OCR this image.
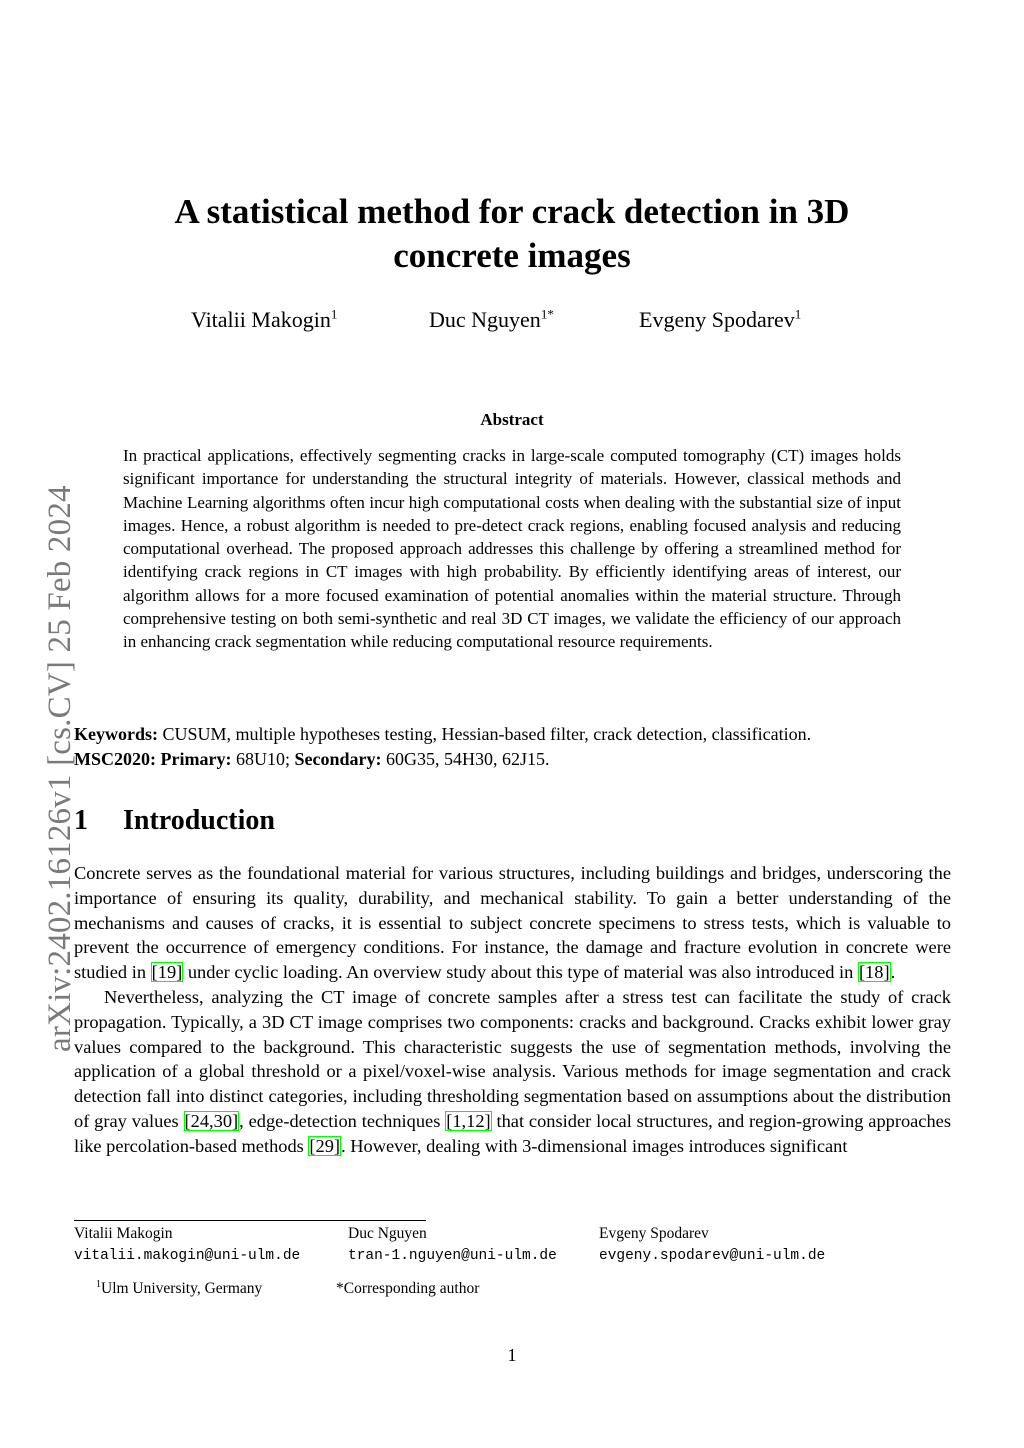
arXiv:2402.16126v1 [cs.CV] 25 Feb 2024
A statistical method for crack detection in 3D
concrete images
Vitalii Makogin$^1$	Duc Nguyen$^{1*}$	Evgeny Spodarev$^1$
Abstract
In practical applications, effectively segmenting cracks in large-scale computed tomography (CT) images holds significant importance for understanding the structural integrity of materials. However, classical methods and Machine Learning algorithms often incur high computational costs when dealing with the substantial size of input images. Hence, a robust algorithm is needed to pre-detect crack regions, enabling focused analysis and reducing computational overhead. The proposed approach addresses this challenge by offering a streamlined method for identifying crack regions in CT images with high probability. By efficiently identifying areas of interest, our algorithm allows for a more focused examination of potential anomalies within the material structure. Through comprehensive testing on both semi-synthetic and real 3D CT images, we validate the efficiency of our approach in enhancing crack segmentation while reducing computational resource requirements.
Keywords: CUSUM, multiple hypotheses testing, Hessian-based filter, crack detection, classification.
MSC2020: Primary: 68U10; Secondary: 60G35, 54H30, 62J15.
1 Introduction

Concrete serves as the foundational material for various structures, including buildings and bridges, underscoring the importance of ensuring its quality, durability, and mechanical stability. To gain a better understanding of the mechanisms and causes of cracks, it is essential to subject concrete specimens to stress tests, which is valuable to prevent the occurrence of emergency conditions. For instance, the damage and fracture evolution in concrete were studied in [19] under cyclic loading. An overview study about this type of material was also introduced in [18].

Nevertheless, analyzing the CT image of concrete samples after a stress test can facilitate the study of crack propagation. Typically, a 3D CT image comprises two components: cracks and background. Cracks exhibit lower gray values compared to the background. This characteristic suggests the use of segmentation methods, involving the application of a global threshold or a pixel/voxel-wise analysis. Various methods for image segmentation and crack detection fall into distinct categories, including thresholding segmentation based on assumptions about the distribution of gray values [24,30], edge-detection techniques [1,12] that consider local structures, and region-growing approaches like percolation-based methods [29]. However, dealing with 3-dimensional images introduces significant

Vitalii Makogin
vitalii.makogin@uni-ulm.de
Duc Nguyen
tran-1.nguyen@uni-ulm.de
Evgeny Spodarev
evgeny.spodarev@uni-ulm.de
$^1$Ulm University, Germany	*Corresponding author
1
